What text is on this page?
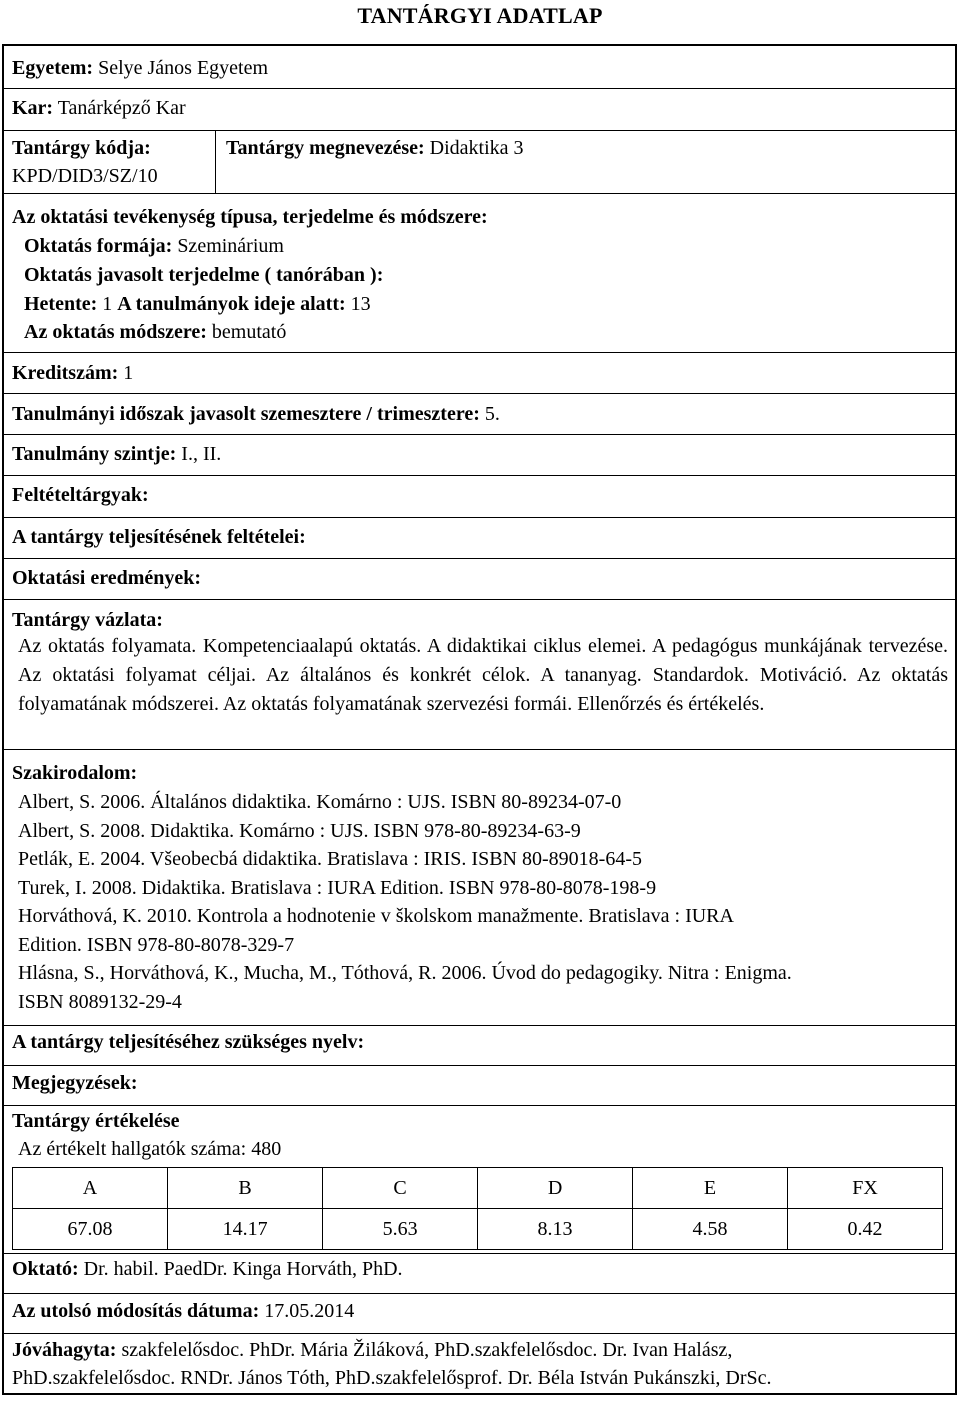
TANTÁRGYI ADATLAP
Egyetem: Selye János Egyetem
Kar: Tanárképző Kar
Tantárgy kódja:
KPD/DID3/SZ/10
Tantárgy megnevezése: Didaktika 3
Az oktatási tevékenység típusa, terjedelme és módszere:
Oktatás formája: Szeminárium
Oktatás javasolt terjedelme ( tanórában ):
Hetente: 1 A tanulmányok ideje alatt: 13
Az oktatás módszere: bemutató
Kreditszám: 1
Tanulmányi időszak javasolt szemesztere / trimesztere: 5.
Tanulmány szintje: I., II.
Feltételtárgyak:
A tantárgy teljesítésének feltételei:
Oktatási eredmények:
Tantárgy vázlata:
Az oktatás folyamata. Kompetenciaalapú oktatás. A didaktikai ciklus elemei. A pedagógus munkájának tervezése. Az oktatási folyamat céljai. Az általános és konkrét célok. A tananyag. Standardok. Motiváció. Az oktatás folyamatának módszerei. Az oktatás folyamatának szervezési formái. Ellenőrzés és értékelés.
Szakirodalom:
Albert, S. 2006. Általános didaktika. Komárno : UJS. ISBN 80-89234-07-0
Albert, S. 2008. Didaktika. Komárno : UJS. ISBN 978-80-89234-63-9
Petlák, E. 2004. Všeobecbá didaktika. Bratislava : IRIS. ISBN 80-89018-64-5
Turek, I. 2008. Didaktika. Bratislava : IURA Edition. ISBN 978-80-8078-198-9
Horváthová, K. 2010. Kontrola a hodnotenie v školskom manažmente. Bratislava : IURA
Edition. ISBN 978-80-8078-329-7
Hlásna, S., Horváthová, K., Mucha, M., Tóthová, R. 2006. Úvod do pedagogiky. Nitra : Enigma.
ISBN 8089132-29-4
A tantárgy teljesítéséhez szükséges nyelv:
Megjegyzések:
Tantárgy értékelése
Az értékelt hallgatók száma: 480
A	B	C	D	E	FX
67.08	14.17	5.63	8.13	4.58	0.42
Oktató: Dr. habil. PaedDr. Kinga Horváth, PhD.
Az utolsó módosítás dátuma: 17.05.2014
Jóváhagyta: szakfelelősdoc. PhDr. Mária Žiláková, PhD.szakfelelősdoc. Dr. Ivan Halász,
PhD.szakfelelősdoc. RNDr. János Tóth, PhD.szakfelelősprof. Dr. Béla István Pukánszki, DrSc.
